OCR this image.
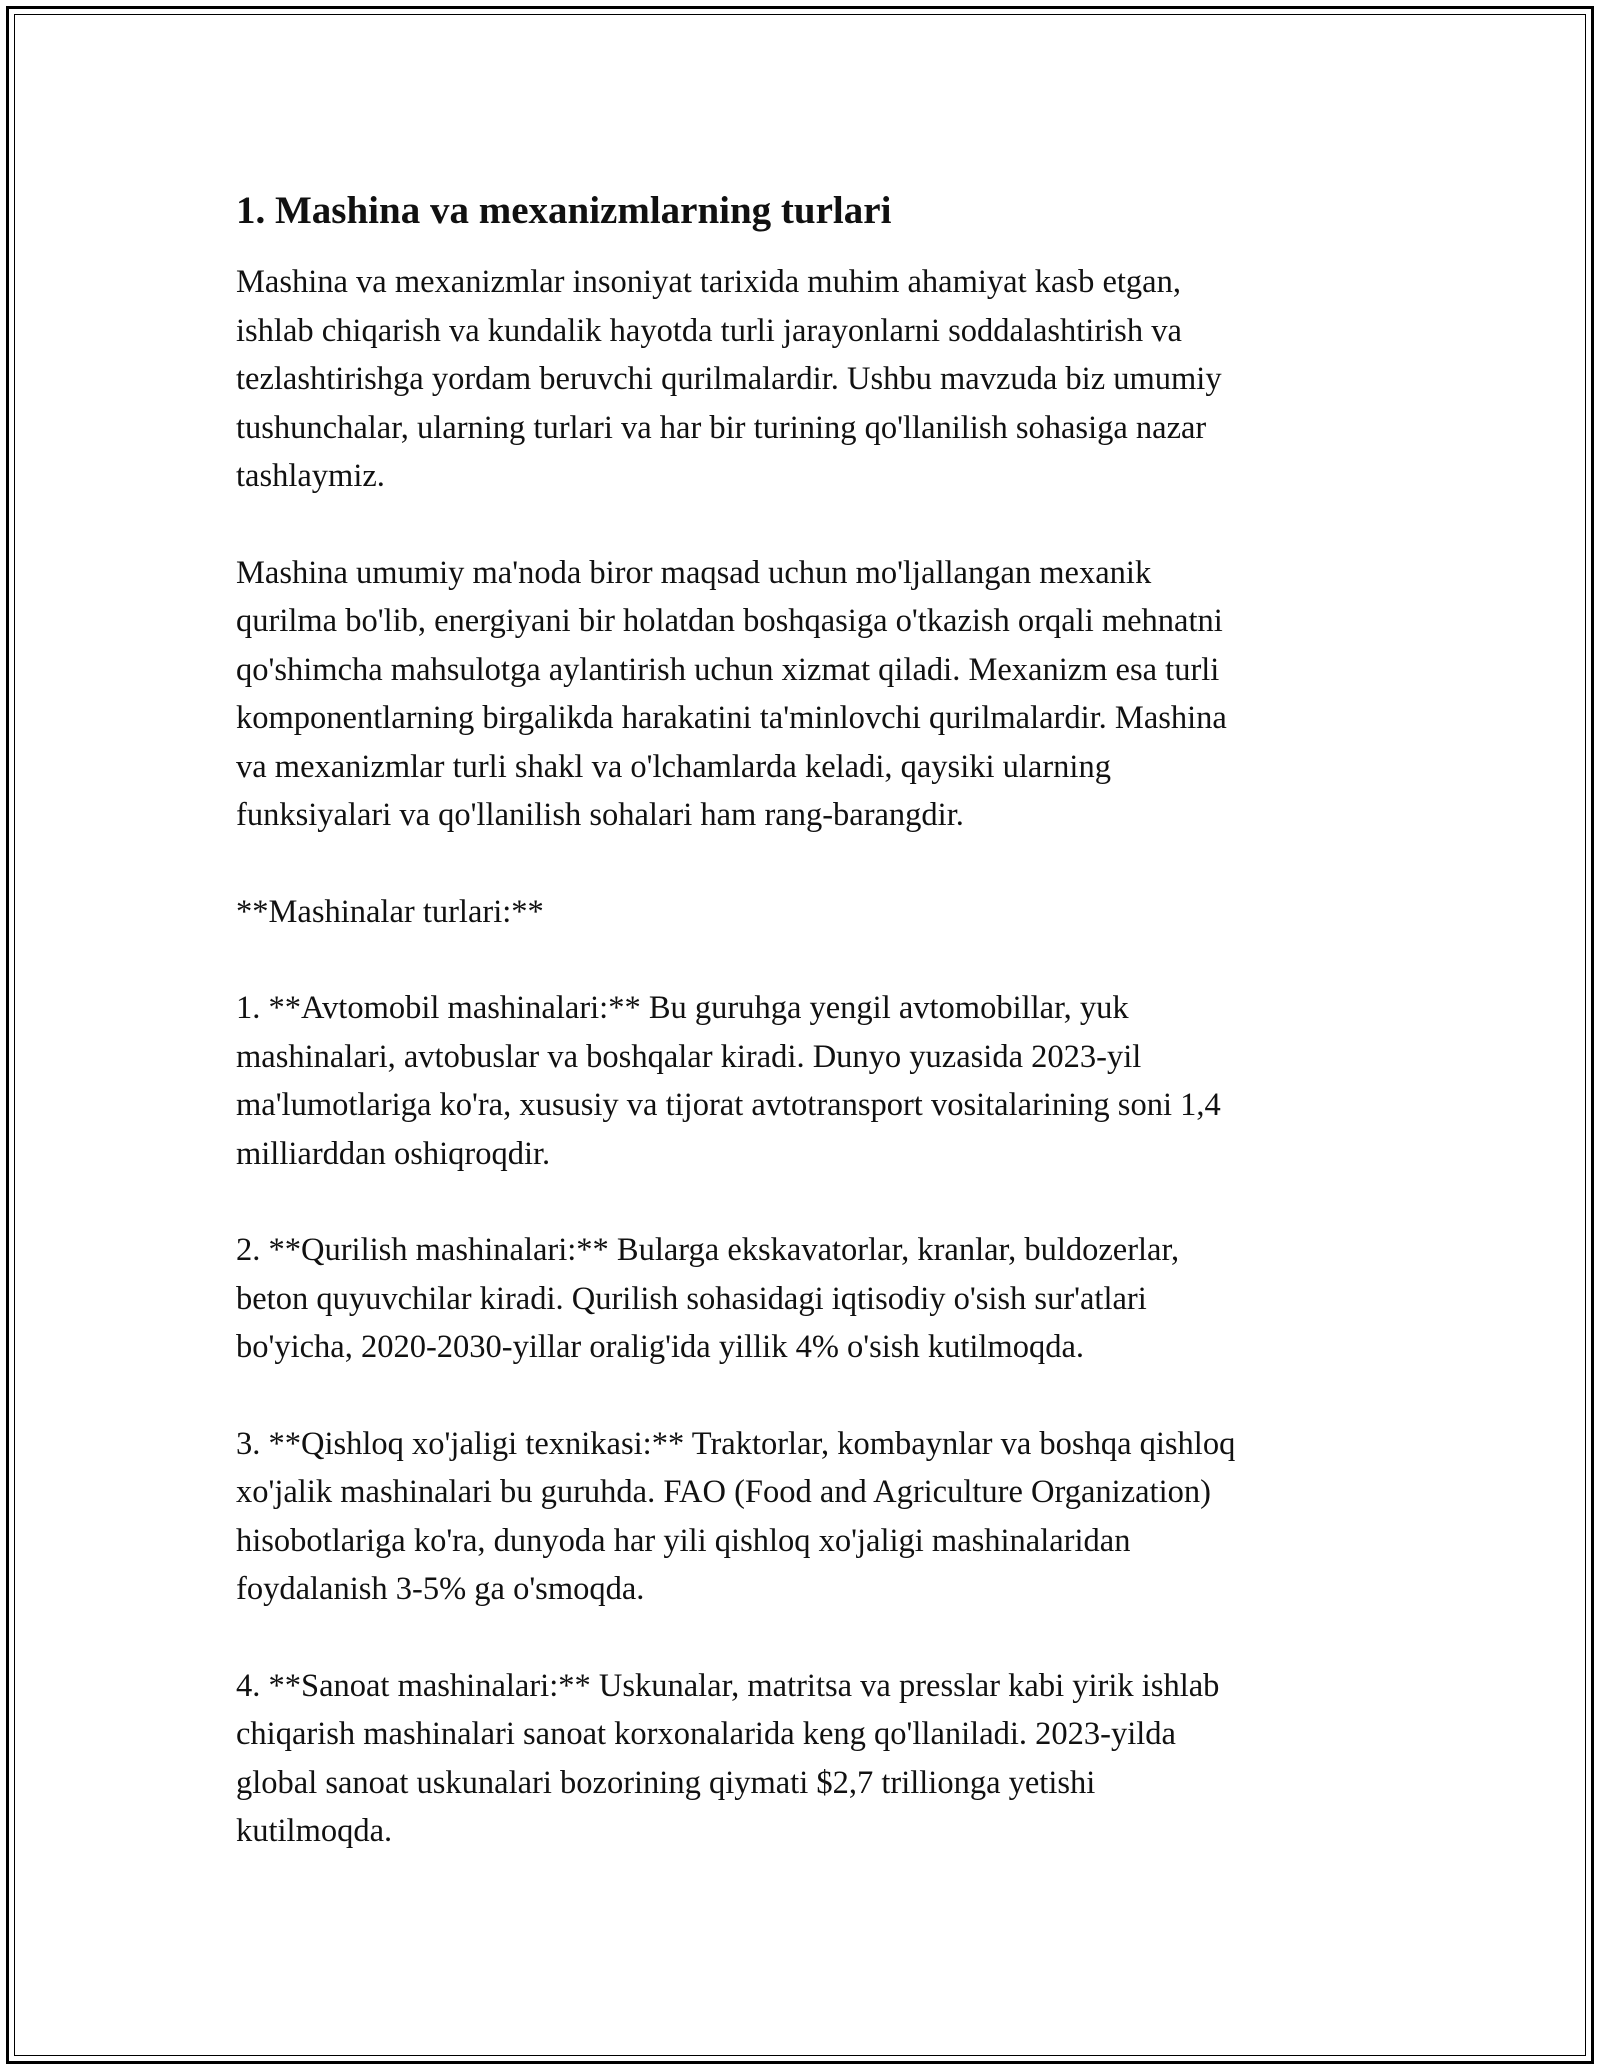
1. Mashina va mexanizmlarning turlari

Mashina va mexanizmlar insoniyat tarixida muhim ahamiyat kasb etgan,
ishlab chiqarish va kundalik hayotda turli jarayonlarni soddalashtirish va
tezlashtirishga yordam beruvchi qurilmalardir. Ushbu mavzuda biz umumiy
tushunchalar, ularning turlari va har bir turining qo'llanilish sohasiga nazar
tashlaymiz.

Mashina umumiy ma'noda biror maqsad uchun mo'ljallangan mexanik
qurilma bo'lib, energiyani bir holatdan boshqasiga o'tkazish orqali mehnatni
qo'shimcha mahsulotga aylantirish uchun xizmat qiladi. Mexanizm esa turli
komponentlarning birgalikda harakatini ta'minlovchi qurilmalardir. Mashina
va mexanizmlar turli shakl va o'lchamlarda keladi, qaysiki ularning
funksiyalari va qo'llanilish sohalari ham rang-barangdir.

**Mashinalar turlari:**

1. **Avtomobil mashinalari:** Bu guruhga yengil avtomobillar, yuk
mashinalari, avtobuslar va boshqalar kiradi. Dunyo yuzasida 2023-yil
ma'lumotlariga ko'ra, xususiy va tijorat avtotransport vositalarining soni 1,4
milliarddan oshiqroqdir.

2. **Qurilish mashinalari:** Bularga ekskavatorlar, kranlar, buldozerlar,
beton quyuvchilar kiradi. Qurilish sohasidagi iqtisodiy o'sish sur'atlari
bo'yicha, 2020-2030-yillar oralig'ida yillik 4% o'sish kutilmoqda.

3. **Qishloq xo'jaligi texnikasi:** Traktorlar, kombaynlar va boshqa qishloq
xo'jalik mashinalari bu guruhda. FAO (Food and Agriculture Organization)
hisobotlariga ko'ra, dunyoda har yili qishloq xo'jaligi mashinalaridan
foydalanish 3-5% ga o'smoqda.

4. **Sanoat mashinalari:** Uskunalar, matritsa va presslar kabi yirik ishlab
chiqarish mashinalari sanoat korxonalarida keng qo'llaniladi. 2023-yilda
global sanoat uskunalari bozorining qiymati $2,7 trillionga yetishi
kutilmoqda.
